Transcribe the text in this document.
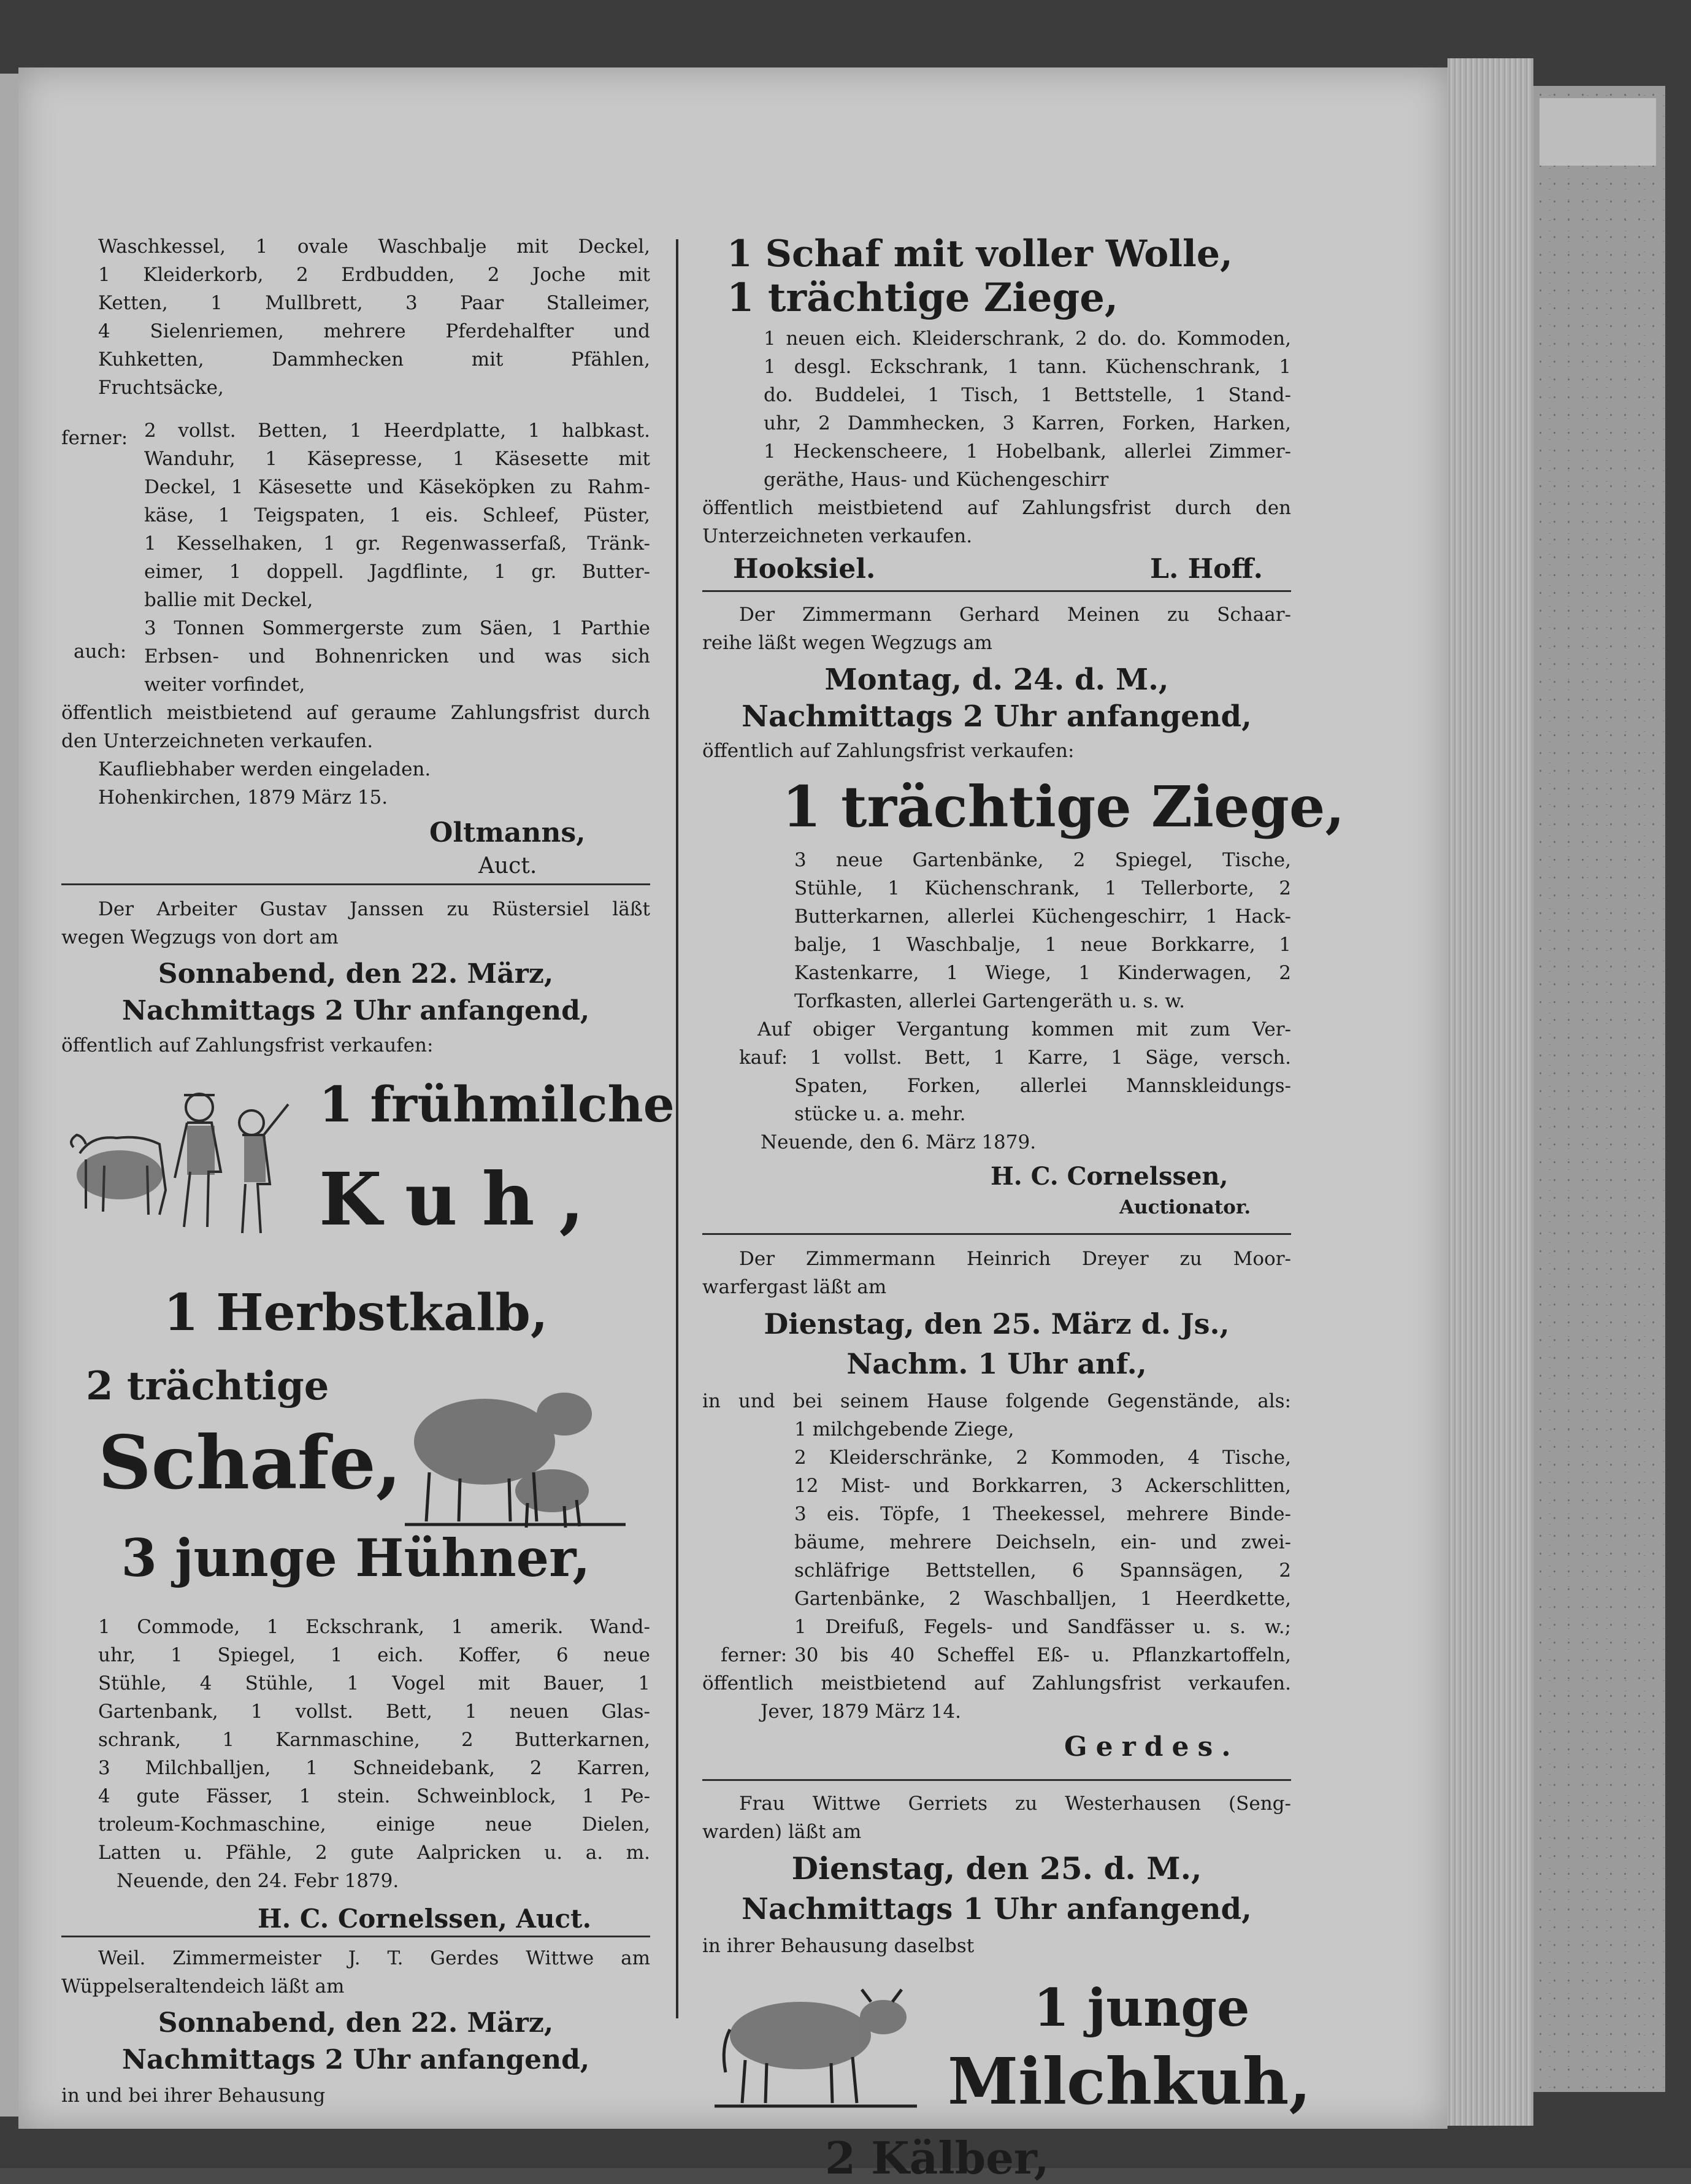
Waschkessel, 1 ovale Waschbalje mit Deckel,
1 Kleiderkorb, 2 Erdbudden, 2 Joche mit
Ketten, 1 Mullbrett, 3 Paar Stalleimer,
4 Sielenriemen, mehrere Pferdehalfter und
Kuhketten, Dammhecken mit Pfählen,
Fruchtsäcke,
ferner: 2 vollst. Betten, 1 Heerdplatte, 1 halbkast.
Wanduhr, 1 Käsepresse, 1 Käsesette mit
Deckel, 1 Käsesette und Käseköpken zu Rahm-
käse, 1 Teigspaten, 1 eis. Schleef, Püster,
1 Kesselhaken, 1 gr. Regenwasserfaß, Tränk-
eimer, 1 doppell. Jagdflinte, 1 gr. Butter-
ballie mit Deckel,
auch:
3 Tonnen Sommergerste zum Säen, 1 Parthie
Erbsen- und Bohnenricken und was sich
weiter vorfindet,
öffentlich meistbietend auf geraume Zahlungsfrist durch
den Unterzeichneten verkaufen.
Kaufliebhaber werden eingeladen.
Hohenkirchen, 1879 März 15.
Oltmanns,
Auct.
Der Arbeiter Gustav Janssen zu Rüstersiel läßt
wegen Wegzugs von dort am
Sonnabend, den 22. März,
Nachmittags 2 Uhr anfangend,
öffentlich auf Zahlungsfrist verkaufen:
1 frühmilche
Kuh,
1 Herbstkalb,
2 trächtige
Schafe,
3 junge Hühner,
1 Commode, 1 Eckschrank, 1 amerik. Wand-
uhr, 1 Spiegel, 1 eich. Koffer, 6 neue
Stühle, 4 Stühle, 1 Vogel mit Bauer, 1
Gartenbank, 1 vollst. Bett, 1 neuen Glas-
schrank, 1 Karnmaschine, 2 Butterkarnen,
3 Milchballjen, 1 Schneidebank, 2 Karren,
4 gute Fässer, 1 stein. Schweinblock, 1 Pe-
troleum-Kochmaschine, einige neue Dielen,
Latten u. Pfähle, 2 gute Aalpricken u. a. m.
Neuende, den 24. Febr 1879.
H. C. Cornelssen, Auct.
Weil. Zimmermeister J. T. Gerdes Wittwe am
Wüppelseraltendeich läßt am
Sonnabend, den 22. März,
Nachmittags 2 Uhr anfangend,
in und bei ihrer Behausung
1 Schaf mit voller Wolle,
1 trächtige Ziege,
1 neuen eich. Kleiderschrank, 2 do. do. Kommoden,
1 desgl. Eckschrank, 1 tann. Küchenschrank, 1
do. Buddelei, 1 Tisch, 1 Bettstelle, 1 Stand-
uhr, 2 Dammhecken, 3 Karren, Forken, Harken,
1 Heckenscheere, 1 Hobelbank, allerlei Zimmer-
geräthe, Haus- und Küchengeschirr
öffentlich meistbietend auf Zahlungsfrist durch den
Unterzeichneten verkaufen.
Hooksiel.	L. Hoff.
Der Zimmermann Gerhard Meinen zu Schaar-
reihe läßt wegen Wegzugs am
Montag, d. 24. d. M.,
Nachmittags 2 Uhr anfangend,
öffentlich auf Zahlungsfrist verkaufen:
1 trächtige Ziege,
3 neue Gartenbänke, 2 Spiegel, Tische,
Stühle, 1 Küchenschrank, 1 Tellerborte, 2
Butterkarnen, allerlei Küchengeschirr, 1 Hack-
balje, 1 Waschbalje, 1 neue Borkkarre, 1
Kastenkarre, 1 Wiege, 1 Kinderwagen, 2
Torfkasten, allerlei Gartengeräth u. s. w.
Auf obiger Vergantung kommen mit zum Ver-
kauf: 1 vollst. Bett, 1 Karre, 1 Säge, versch.
Spaten, Forken, allerlei Mannskleidungs-
stücke u. a. mehr.
Neuende, den 6. März 1879.
H. C. Cornelssen,
Auctionator.
Der Zimmermann Heinrich Dreyer zu Moor-
warfergast läßt am
Dienstag, den 25. März d. Js.,
Nachm. 1 Uhr anf.,
in und bei seinem Hause folgende Gegenstände, als:
1 milchgebende Ziege,
2 Kleiderschränke, 2 Kommoden, 4 Tische,
12 Mist- und Borkkarren, 3 Ackerschlitten,
3 eis. Töpfe, 1 Theekessel, mehrere Binde-
bäume, mehrere Deichseln, ein- und zwei-
schläfrige Bettstellen, 6 Spannsägen, 2
Gartenbänke, 2 Waschballjen, 1 Heerdkette,
1 Dreifuß, Fegels- und Sandfässer u. s. w.;
ferner: 30 bis 40 Scheffel Eß- u. Pflanzkartoffeln,
öffentlich meistbietend auf Zahlungsfrist verkaufen.
Jever, 1879 März 14.
Gerdes.
Frau Wittwe Gerriets zu Westerhausen (Seng-
warden) läßt am
Dienstag, den 25. d. M.,
Nachmittags 1 Uhr anfangend,
in ihrer Behausung daselbst
1 junge
Milchkuh,
2 Kälber,
